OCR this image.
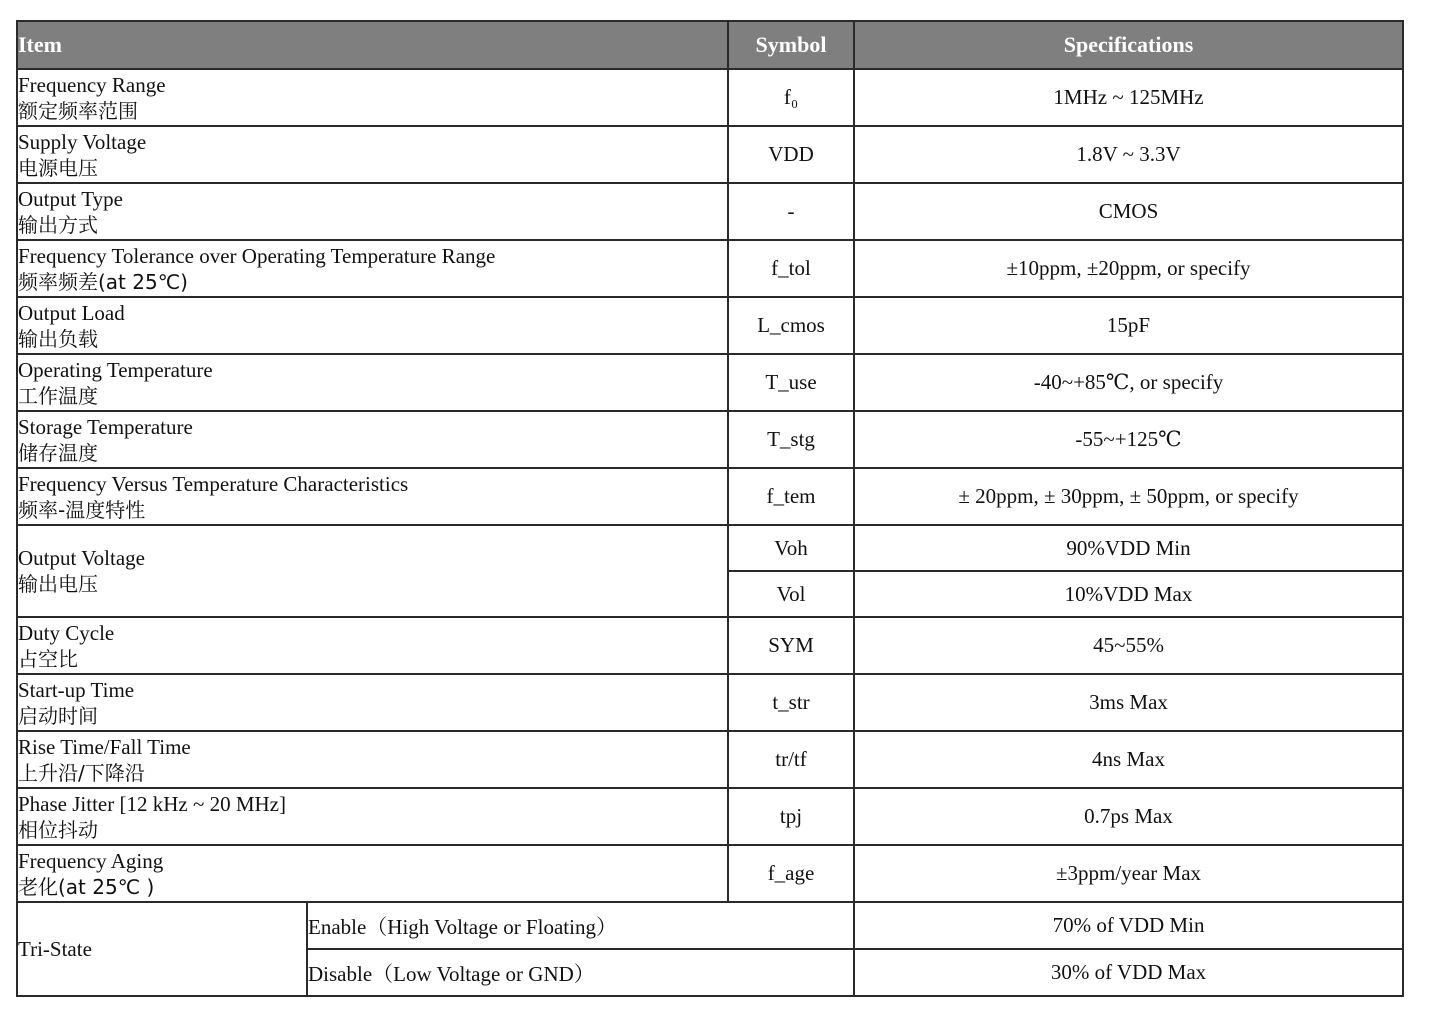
Item		Symbol	Specifications

Frequency Range
额定频率范围		f₀	1MHz ~ 125MHz

Supply Voltage
电源电压		VDD	1.8V ~ 3.3V

Output Type
输出方式		-	CMOS

Frequency Tolerance over Operating Temperature Range
频率频差(at 25℃)		f_tol	±10ppm, ±20ppm, or specify

Output Load
输出负载		L_cmos	15pF

Operating Temperature
工作温度		T_use	-40~+85℃, or specify

Storage Temperature
储存温度		T_stg	-55~+125℃

Frequency Versus Temperature Characteristics
频率-温度特性		f_tem	± 20ppm, ± 30ppm, ± 50ppm, or specify

Output Voltage
输出电压		Voh	90%VDD Min
		Vol	10%VDD Max

Duty Cycle
占空比		SYM	45~55%

Start-up Time
启动时间		t_str	3ms Max

Rise Time/Fall Time
上升沿/下降沿		tr/tf	4ns Max

Phase Jitter [12 kHz ~ 20 MHz]
相位抖动		tpj	0.7ps Max

Frequency Aging
老化(at 25℃ )		f_age	±3ppm/year Max
Tri-State	Enable（High Voltage or Floating）		70% of VDD Min
	Disable（Low Voltage or GND）		30% of VDD Max
